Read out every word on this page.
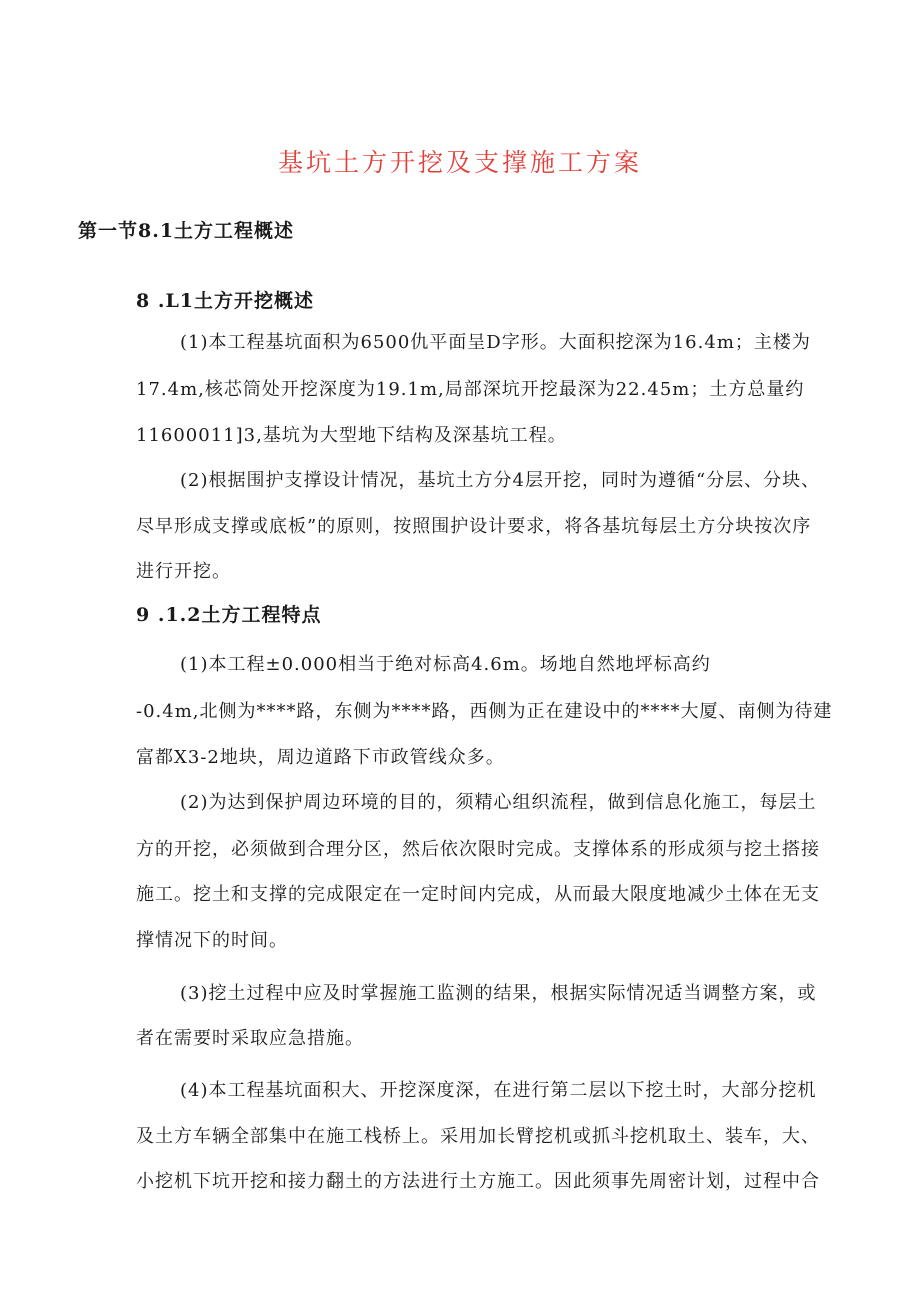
基坑土方开挖及支撑施工方案
第一节8.1土方工程概述
8 .L1土方开挖概述
(1)本工程基坑面积为6500仇平面呈D字形。大面积挖深为16.4m；主楼为
17.4m,核芯筒处开挖深度为19.1m,局部深坑开挖最深为22.45m；土方总量约
11600011]3,基坑为大型地下结构及深基坑工程。
(2)根据围护支撑设计情况，基坑土方分4层开挖，同时为遵循“分层、分块、
尽早形成支撑或底板”的原则，按照围护设计要求，将各基坑每层土方分块按次序
进行开挖。
9 .1.2土方工程特点
(1)本工程±0.000相当于绝对标高4.6m。场地自然地坪标高约
-0.4m,北侧为****路，东侧为****路，西侧为正在建设中的****大厦、南侧为待建
富都X3-2地块，周边道路下市政管线众多。
(2)为达到保护周边环境的目的，须精心组织流程，做到信息化施工，每层土
方的开挖，必须做到合理分区，然后依次限时完成。支撑体系的形成须与挖土搭接
施工。挖土和支撑的完成限定在一定时间内完成，从而最大限度地减少土体在无支
撑情况下的时间。
(3)挖土过程中应及时掌握施工监测的结果，根据实际情况适当调整方案，或
者在需要时采取应急措施。
(4)本工程基坑面积大、开挖深度深，在进行第二层以下挖土时，大部分挖机
及土方车辆全部集中在施工栈桥上。采用加长臂挖机或抓斗挖机取土、装车，大、
小挖机下坑开挖和接力翻土的方法进行土方施工。因此须事先周密计划，过程中合
